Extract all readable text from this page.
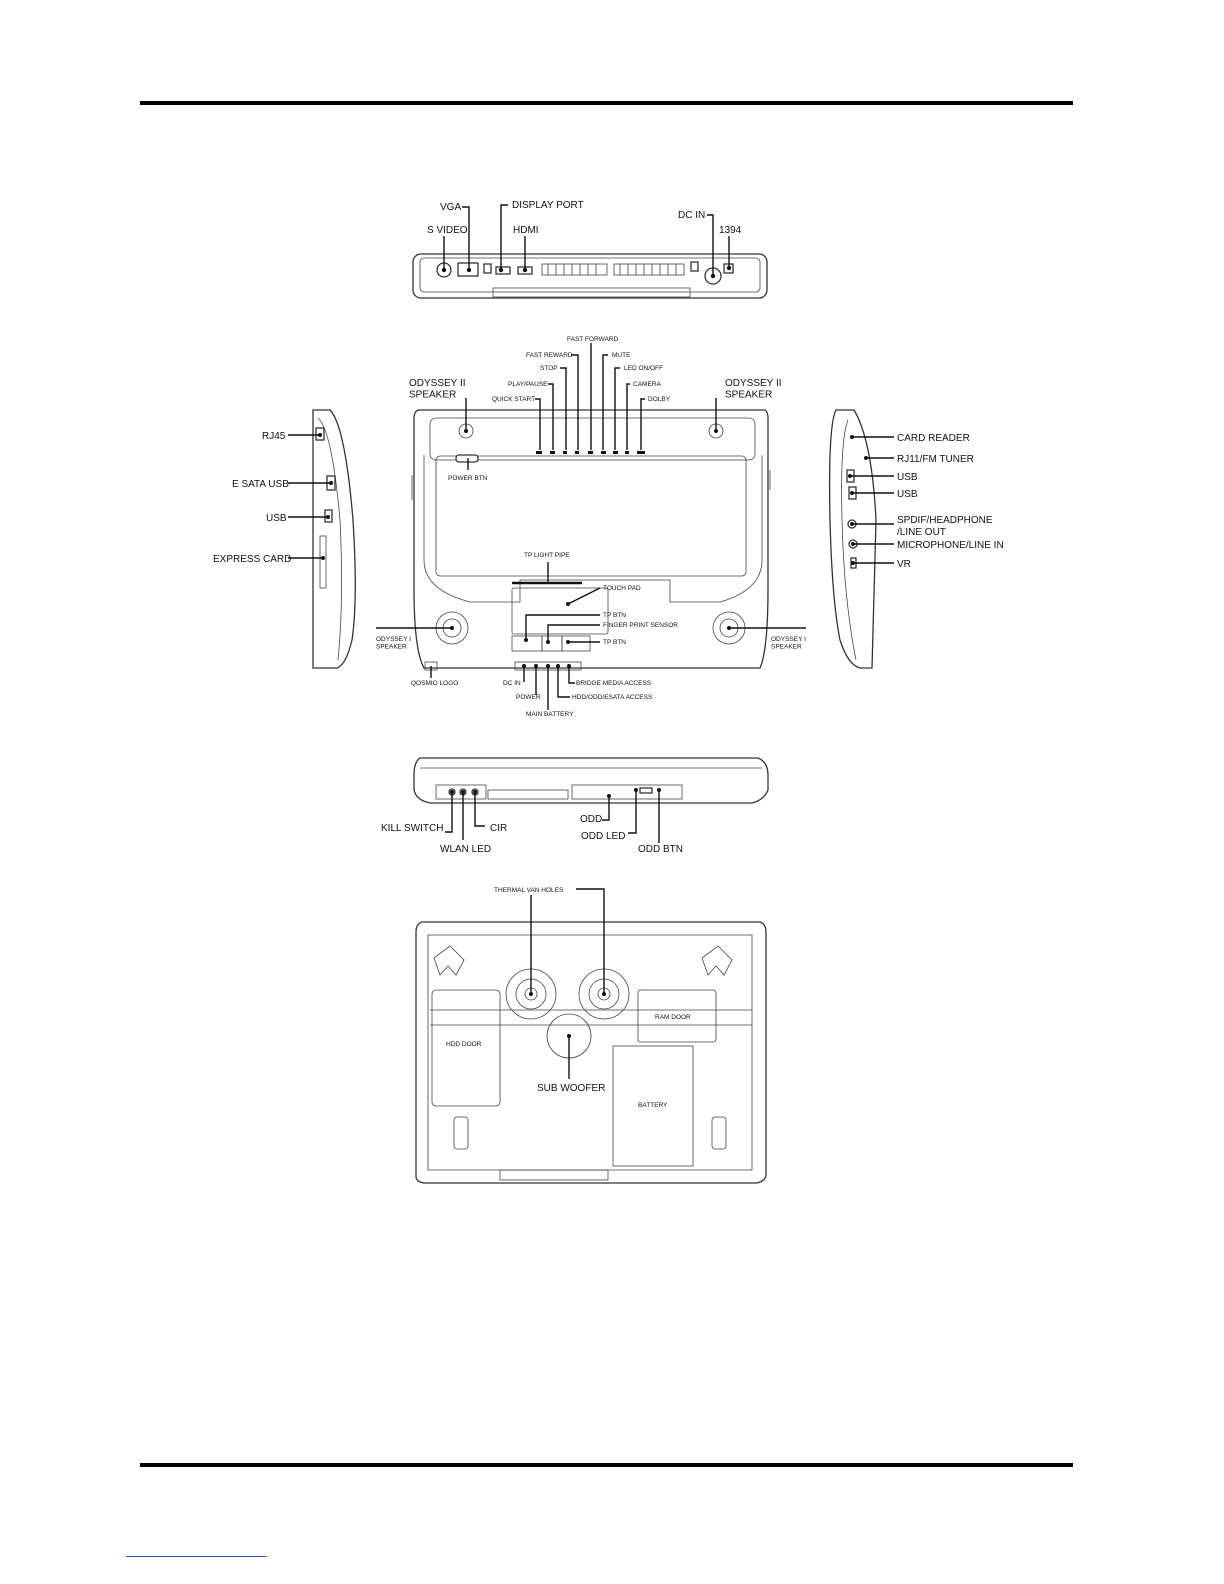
VGA	DISPLAY PORT
DC IN
S VIDEO	HDMI	1394
FAST FORWARD
FAST REWARD	MUTE
STOP	LED ON/OFF
PLAY/PAUSE	CAMERA
QUICK START	DOLBY
ODYSSEY II SPEAKER
ODYSSEY II SPEAKER
POWER BTN
TP LIGHT PIPE
TOUCH PAD
TP BTN
FINGER PRINT SENSOR
TP BTN
ODYSSEY I SPEAKER
ODYSSEY I SPEAKER
QOSMIO LOGO	DC IN
POWER
MAIN BATTERY
HDD/ODD/ESATA ACCESS
BRIDGE MEDIA ACCESS
RJ45
E SATA USB
USB
EXPRESS CARD
CARD READER
RJ11/FM TUNER
USB
USB
SPDIF/HEADPHONE
/LINE OUT
MICROPHONE/LINE IN
VR
KILL SWITCH
WLAN LED
CIR
ODD
ODD LED
ODD BTN
THERMAL VAN HOLES
HDD DOOR
RAM DOOR
SUB WOOFER
BATTERY
